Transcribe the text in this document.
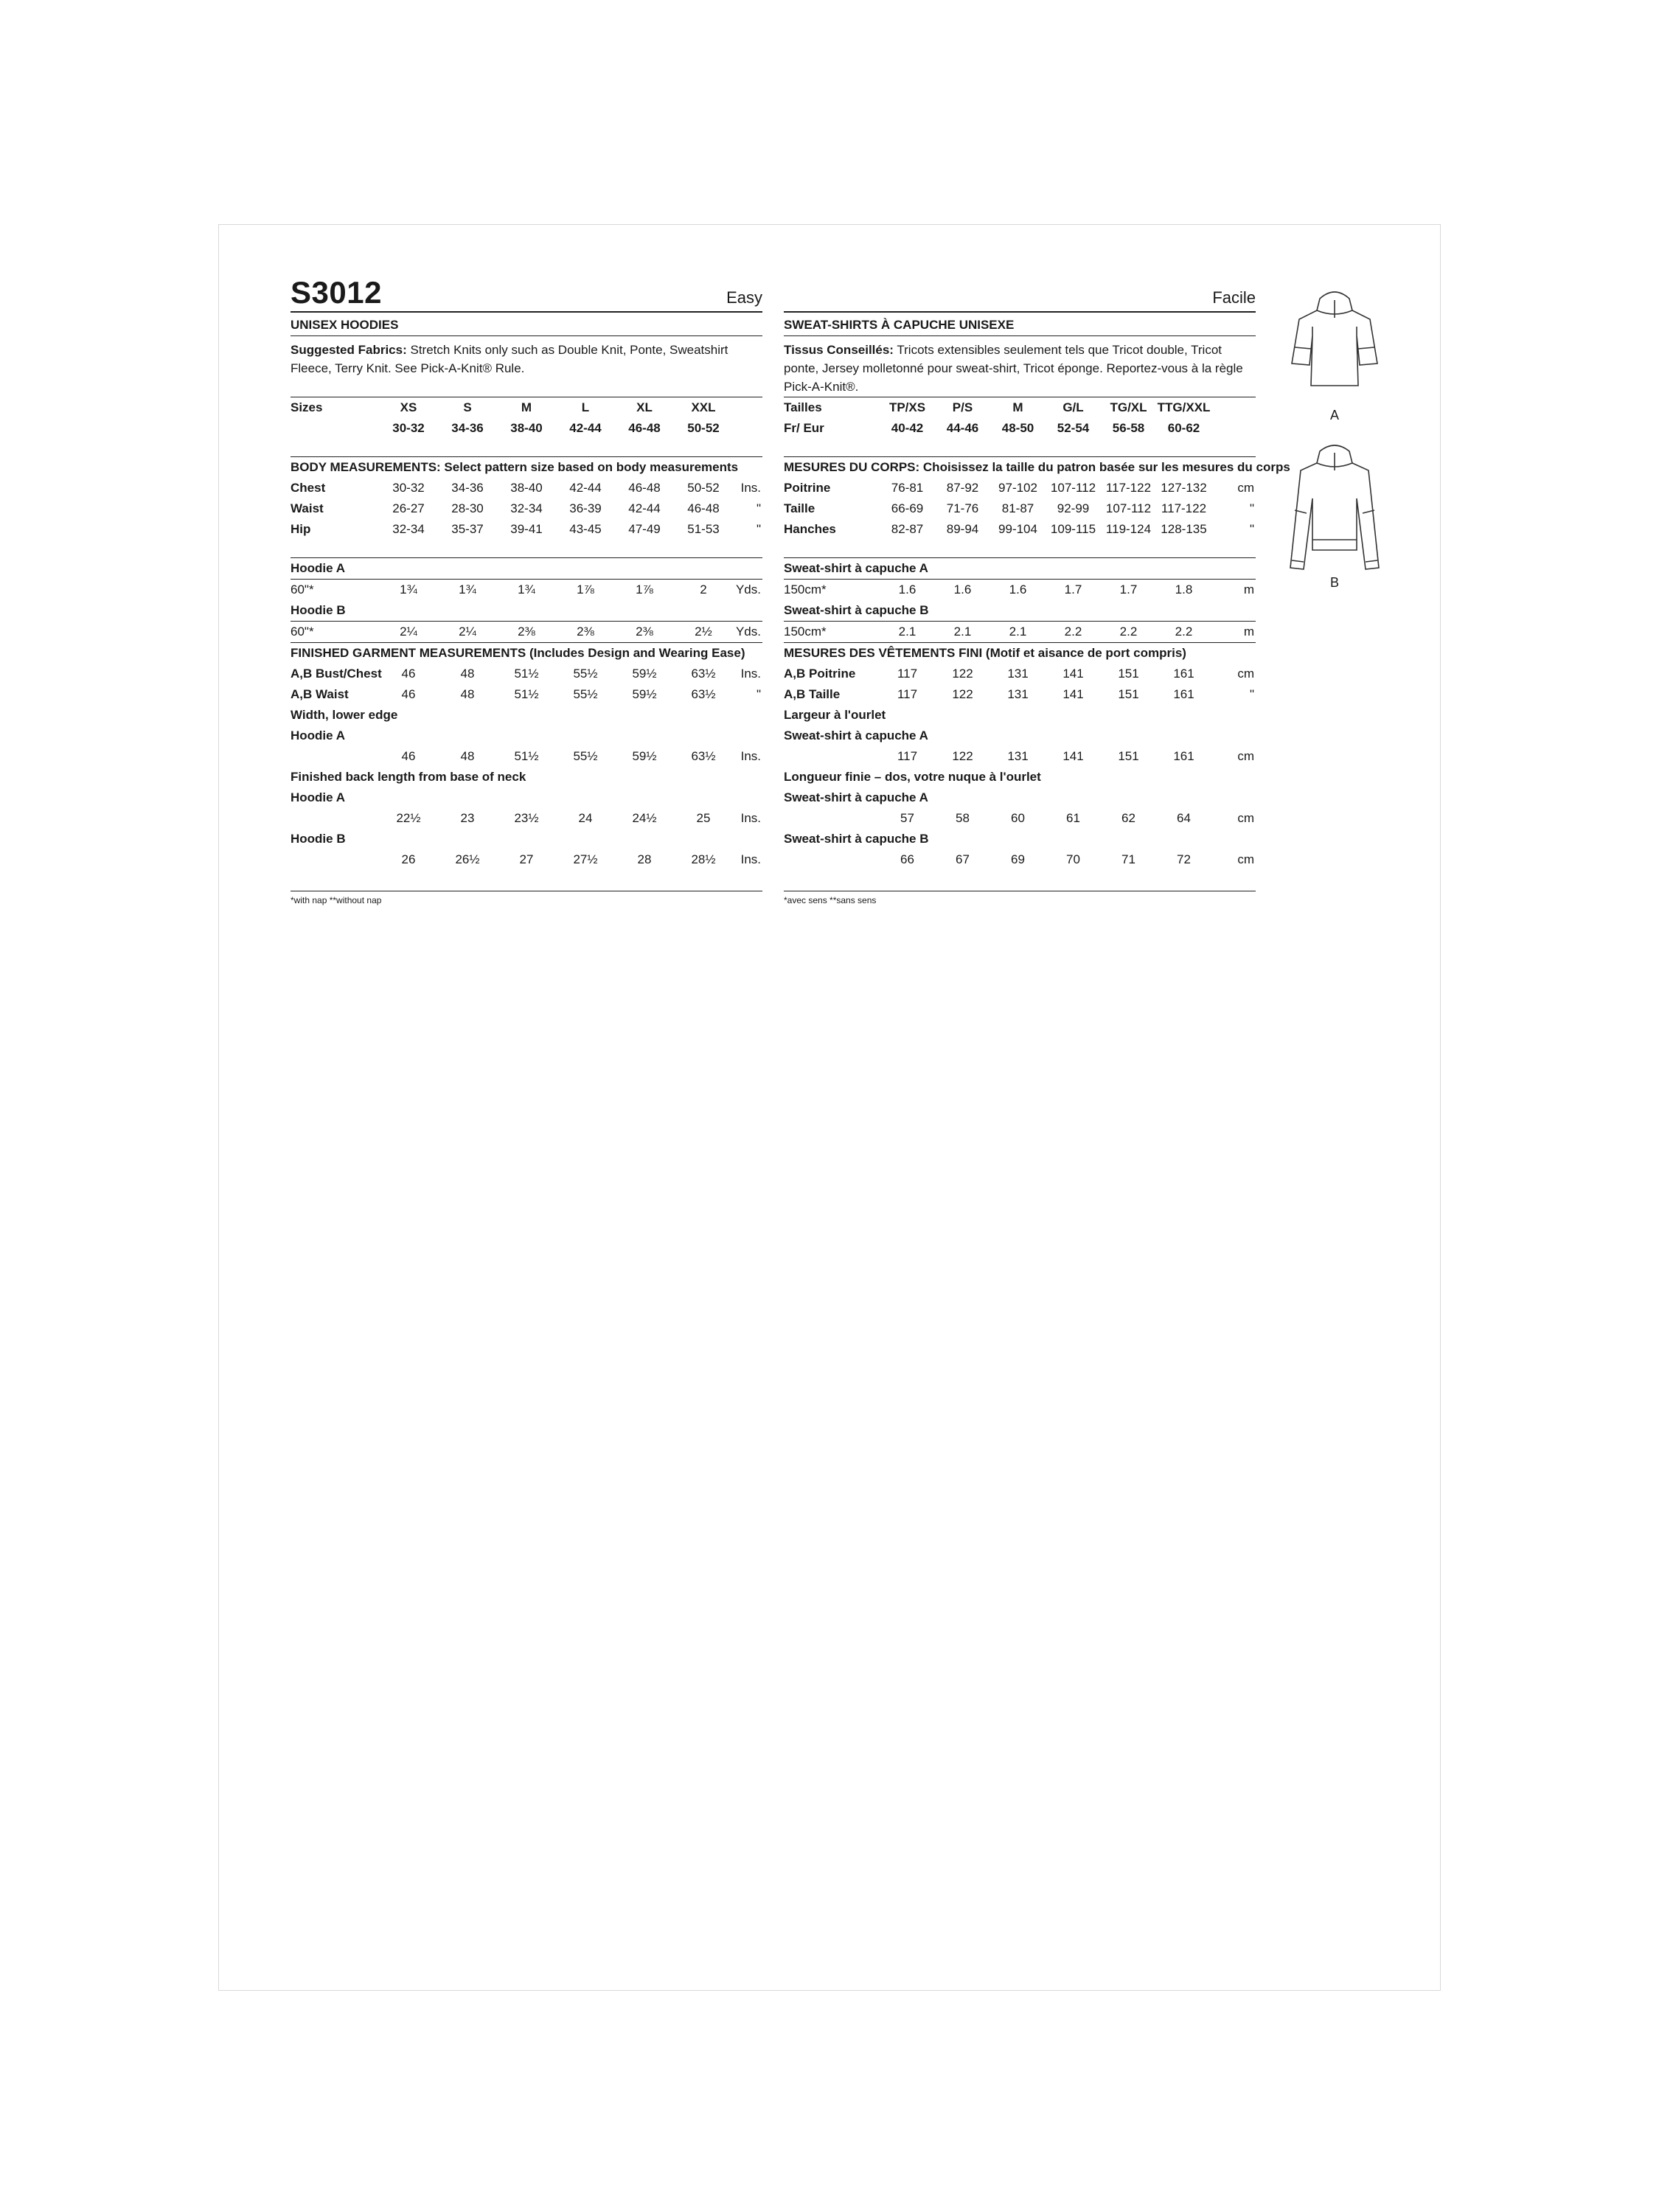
S3012	Easy
UNISEX HOODIES
Suggested Fabrics: Stretch Knits only such as Double Knit, Ponte, Sweatshirt Fleece, Terry Knit. See Pick-A-Knit® Rule.
Sizes	XS	S	M	L	XL	XXL	
	30-32	34-36	38-40	42-44	46-48	50-52	

BODY MEASUREMENTS: Select pattern size based on body measurements							
Chest	30-32	34-36	38-40	42-44	46-48	50-52	Ins.
Waist	26-27	28-30	32-34	36-39	42-44	46-48	"
Hip	32-34	35-37	39-41	43-45	47-49	51-53	"

Hoodie A							
60"*	1¾	1¾	1¾	1⅞	1⅞	2	Yds.
Hoodie B							
60"*	2¼	2¼	2⅜	2⅜	2⅜	2½	Yds.
FINISHED GARMENT MEASUREMENTS (Includes Design and Wearing Ease)							
A,B Bust/Chest	46	48	51½	55½	59½	63½	Ins.
A,B Waist	46	48	51½	55½	59½	63½	"
Width, lower edge							
Hoodie A							
	46	48	51½	55½	59½	63½	Ins.
Finished back length from base of neck							
Hoodie A							
	22½	23	23½	24	24½	25	Ins.
Hoodie B							
	26	26½	27	27½	28	28½	Ins.
*with nap **without nap
Facile
SWEAT-SHIRTS À CAPUCHE UNISEXE
Tissus Conseillés: Tricots extensibles seulement tels que Tricot double, Tricot ponte, Jersey molletonné pour sweat-shirt, Tricot éponge. Reportez-vous à la règle Pick-A-Knit®.
Tailles	TP/XS	P/S	M	G/L	TG/XL	TTG/XXL	
Fr/ Eur	40-42	44-46	48-50	52-54	56-58	60-62	

MESURES DU CORPS: Choisissez la taille du patron basée sur les mesures du corps							
Poitrine	76-81	87-92	97-102	107-112	117-122	127-132	cm
Taille	66-69	71-76	81-87	92-99	107-112	117-122	"
Hanches	82-87	89-94	99-104	109-115	119-124	128-135	"

Sweat-shirt à capuche A							
150cm*	1.6	1.6	1.6	1.7	1.7	1.8	m
Sweat-shirt à capuche B							
150cm*	2.1	2.1	2.1	2.2	2.2	2.2	m
MESURES DES VÊTEMENTS FINI (Motif et aisance de port compris)							
A,B Poitrine	117	122	131	141	151	161	cm
A,B Taille	117	122	131	141	151	161	"
Largeur à l'ourlet							
Sweat-shirt à capuche A							
	117	122	131	141	151	161	cm
Longueur finie – dos, votre nuque à l'ourlet							
Sweat-shirt à capuche A							
	57	58	60	61	62	64	cm
Sweat-shirt à capuche B							
	66	67	69	70	71	72	cm
*avec sens **sans sens
A
B
